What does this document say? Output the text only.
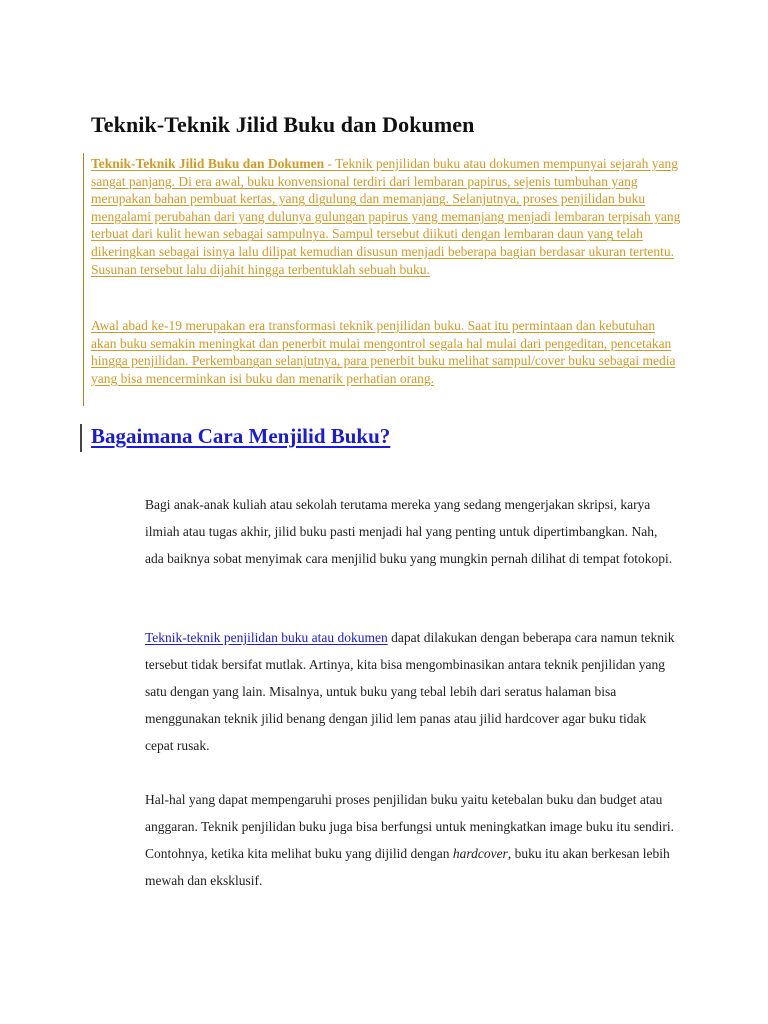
Teknik-Teknik Jilid Buku dan Dokumen

Teknik-Teknik Jilid Buku dan Dokumen - Teknik penjilidan buku atau dokumen mempunyai sejarah yang sangat panjang. Di era awal, buku konvensional terdiri dari lembaran papirus, sejenis tumbuhan yang merupakan bahan pembuat kertas, yang digulung dan memanjang. Selanjutnya, proses penjilidan buku mengalami perubahan dari yang dulunya gulungan papirus yang memanjang menjadi lembaran terpisah yang terbuat dari kulit hewan sebagai sampulnya. Sampul tersebut diikuti dengan lembaran daun yang telah dikeringkan sebagai isinya lalu dilipat kemudian disusun menjadi beberapa bagian berdasar ukuran tertentu. Susunan tersebut lalu dijahit hingga terbentuklah sebuah buku.

Awal abad ke-19 merupakan era transformasi teknik penjilidan buku. Saat itu permintaan dan kebutuhan akan buku semakin meningkat dan penerbit mulai mengontrol segala hal mulai dari pengeditan, pencetakan hingga penjilidan. Perkembangan selanjutnya, para penerbit buku melihat sampul/cover buku sebagai media yang bisa mencerminkan isi buku dan menarik perhatian orang.

Bagaimana Cara Menjilid Buku?

Bagi anak-anak kuliah atau sekolah terutama mereka yang sedang mengerjakan skripsi, karya ilmiah atau tugas akhir, jilid buku pasti menjadi hal yang penting untuk dipertimbangkan. Nah, ada baiknya sobat menyimak cara menjilid buku yang mungkin pernah dilihat di tempat fotokopi.

Teknik-teknik penjilidan buku atau dokumen dapat dilakukan dengan beberapa cara namun teknik tersebut tidak bersifat mutlak. Artinya, kita bisa mengombinasikan antara teknik penjilidan yang satu dengan yang lain. Misalnya, untuk buku yang tebal lebih dari seratus halaman bisa menggunakan teknik jilid benang dengan jilid lem panas atau jilid hardcover agar buku tidak cepat rusak.

Hal-hal yang dapat mempengaruhi proses penjilidan buku yaitu ketebalan buku dan budget atau anggaran. Teknik penjilidan buku juga bisa berfungsi untuk meningkatkan image buku itu sendiri. Contohnya, ketika kita melihat buku yang dijilid dengan hardcover, buku itu akan berkesan lebih mewah dan eksklusif.
